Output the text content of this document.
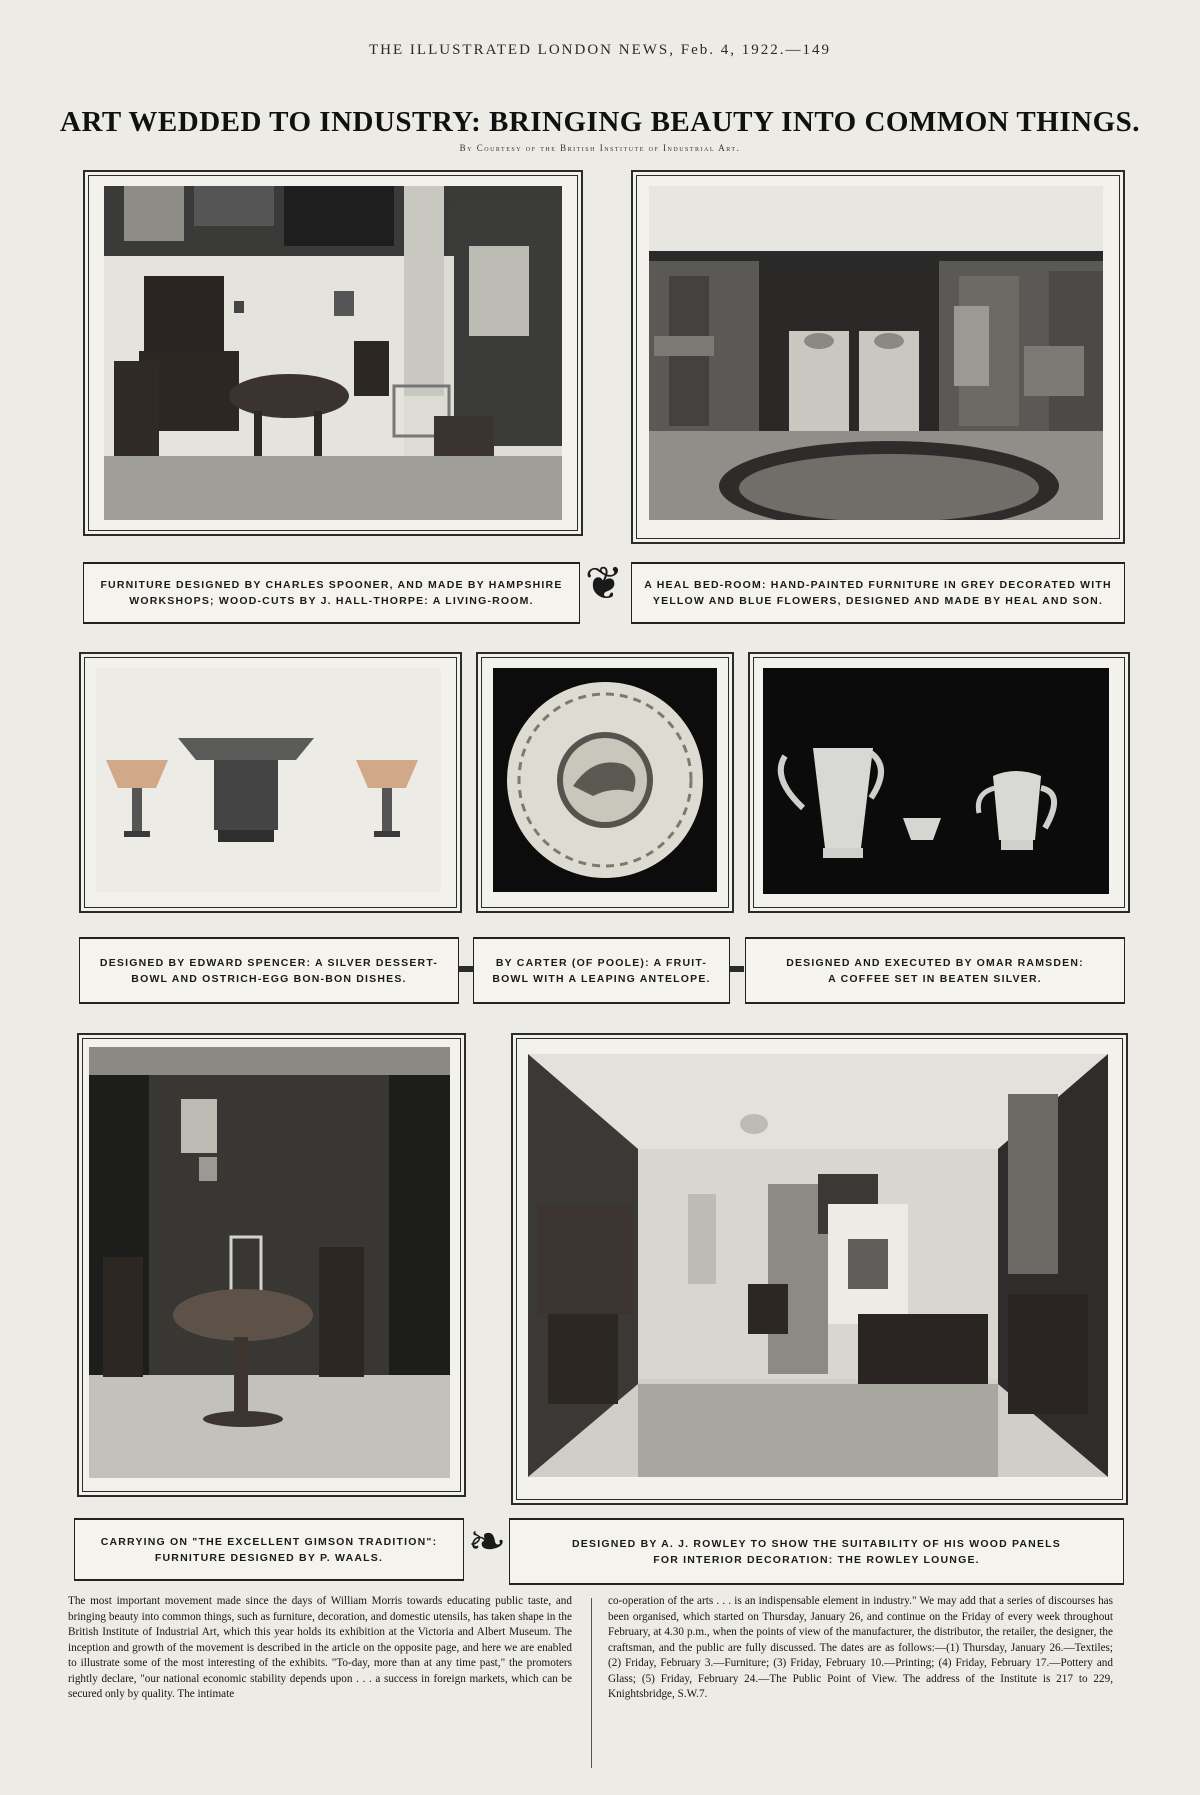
THE ILLUSTRATED LONDON NEWS, Feb. 4, 1922.—149
ART WEDDED TO INDUSTRY: BRINGING BEAUTY INTO COMMON THINGS.
By Courtesy of the British Institute of Industrial Art.
FURNITURE DESIGNED BY CHARLES SPOONER, AND MADE BY HAMPSHIRE
WORKSHOPS; WOOD-CUTS BY J. HALL-THORPE: A LIVING-ROOM.	❦	A HEAL BED-ROOM: HAND-PAINTED FURNITURE IN GREY DECORATED WITH
YELLOW AND BLUE FLOWERS, DESIGNED AND MADE BY HEAL AND SON.
DESIGNED BY EDWARD SPENCER: A SILVER DESSERT-
BOWL AND OSTRICH-EGG BON-BON DISHES.
BY CARTER (OF POOLE): A FRUIT-
BOWL WITH A LEAPING ANTELOPE.
DESIGNED AND EXECUTED BY OMAR RAMSDEN:
A COFFEE SET IN BEATEN SILVER.
CARRYING ON "THE EXCELLENT GIMSON TRADITION":
FURNITURE DESIGNED BY P. WAALS.	❧	DESIGNED BY A. J. ROWLEY TO SHOW THE SUITABILITY OF HIS WOOD PANELS
FOR INTERIOR DECORATION: THE ROWLEY LOUNGE.
The most important movement made since the days of William Morris towards educating public taste, and bringing beauty into common things, such as furniture, decoration, and domestic utensils, has taken shape in the British Institute of Industrial Art, which this year holds its exhibition at the Victoria and Albert Museum. The inception and growth of the movement is described in the article on the opposite page, and here we are enabled to illustrate some of the most interesting of the exhibits. "To-day, more than at any time past," the promoters rightly declare, "our national economic stability depends upon . . . a success in foreign markets, which can be secured only by quality. The intimate
co-operation of the arts . . . is an indispensable element in industry." We may add that a series of discourses has been organised, which started on Thursday, January 26, and continue on the Friday of every week throughout February, at 4.30 p.m., when the points of view of the manufacturer, the distributor, the retailer, the designer, the craftsman, and the public are fully discussed. The dates are as follows:—(1) Thursday, January 26.—Textiles; (2) Friday, February 3.—Furniture; (3) Friday, February 10.—Printing; (4) Friday, February 17.—Pottery and Glass; (5) Friday, February 24.—The Public Point of View. The address of the Institute is 217 to 229, Knightsbridge, S.W.7.
